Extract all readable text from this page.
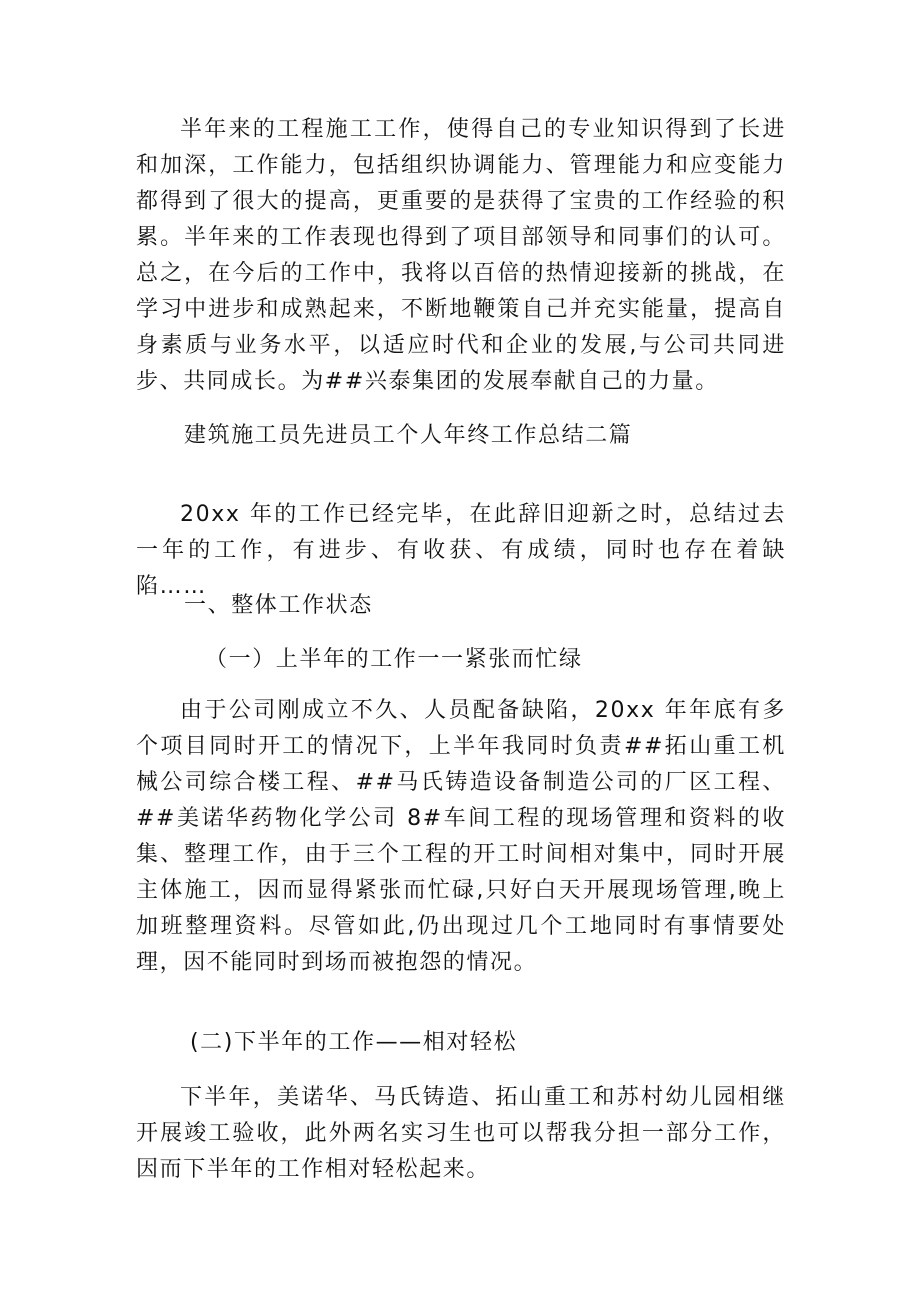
半年来的工程施工工作，使得自己的专业知识得到了长进和加深，工作能力，包括组织协调能力、管理能力和应变能力都得到了很大的提高，更重要的是获得了宝贵的工作经验的积累。半年来的工作表现也得到了项目部领导和同事们的认可。总之，在今后的工作中，我将以百倍的热情迎接新的挑战，在学习中进步和成熟起来，不断地鞭策自己并充实能量，提高自身素质与业务水平，以适应时代和企业的发展,与公司共同进步、共同成长。为##兴泰集团的发展奉献自己的力量。

建筑施工员先进员工个人年终工作总结二篇

20xx 年的工作已经完毕，在此辞旧迎新之时，总结过去一年的工作，有进步、有收获、有成绩，同时也存在着缺陷……

一、整体工作状态

（一）上半年的工作一一紧张而忙绿

由于公司刚成立不久、人员配备缺陷，20xx 年年底有多个项目同时开工的情况下，上半年我同时负责##拓山重工机械公司综合楼工程、##马氏铸造设备制造公司的厂区工程、##美诺华药物化学公司 8#车间工程的现场管理和资料的收集、整理工作，由于三个工程的开工时间相对集中，同时开展主体施工，因而显得紧张而忙碌,只好白天开展现场管理,晚上加班整理资料。尽管如此,仍出现过几个工地同时有事情要处理，因不能同时到场而被抱怨的情况。

(二)下半年的工作——相对轻松

下半年，美诺华、马氏铸造、拓山重工和苏村幼儿园相继开展竣工验收，此外两名实习生也可以帮我分担一部分工作，因而下半年的工作相对轻松起来。
